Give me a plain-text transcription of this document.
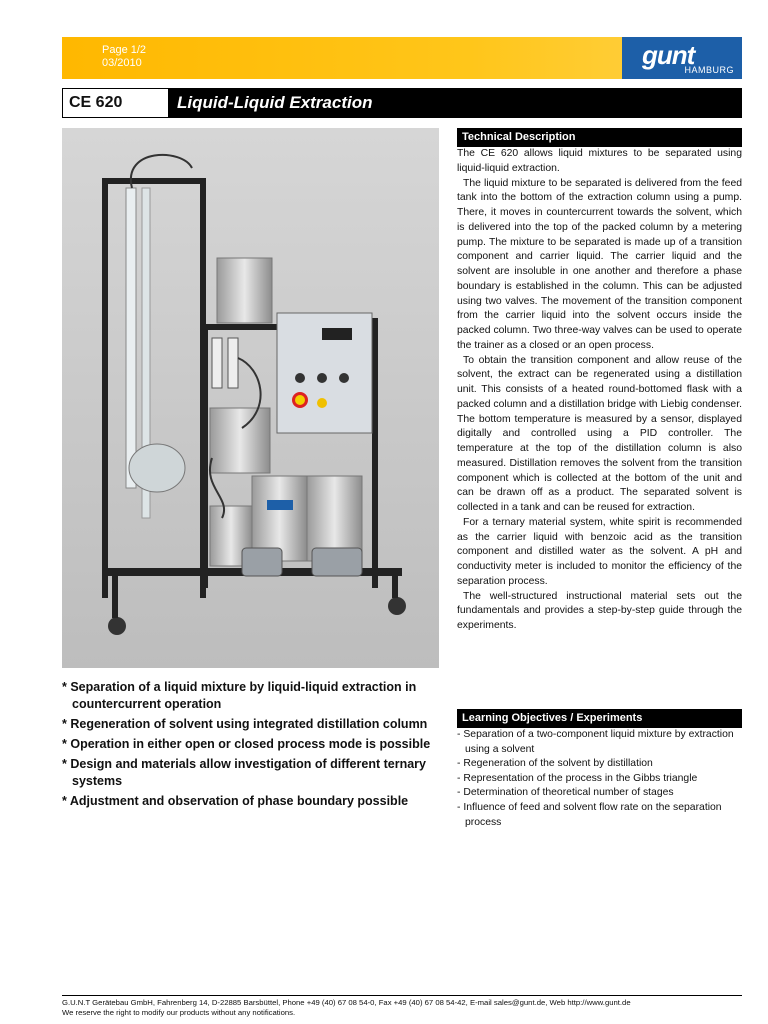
Page 1/2
03/2010	gunt
HAMBURG
CE 620	Liquid-Liquid Extraction
* Separation of a liquid mixture by liquid-liquid extraction in countercurrent operation
* Regeneration of solvent using integrated distillation column
* Operation in either open or closed process mode is possible
* Design and materials allow investigation of different ternary systems
* Adjustment and observation of phase boundary possible
Technical Description

The CE 620 allows liquid mixtures to be separated using liquid-liquid extraction.

The liquid mixture to be separated is delivered from the feed tank into the bottom of the extraction column using a pump. There, it moves in countercurrent towards the solvent, which is delivered into the top of the packed column by a metering pump. The mixture to be separated is made up of a transition component and carrier liquid. The carrier liquid and the solvent are insoluble in one another and therefore a phase boundary is established in the column. This can be adjusted using two valves. The movement of the transition component from the carrier liquid into the solvent occurs inside the packed column. Two three-way valves can be used to operate the trainer as a closed or an open process.

To obtain the transition component and allow reuse of the solvent, the extract can be regenerated using a distillation unit. This consists of a heated round-bottomed flask with a packed column and a distillation bridge with Liebig condenser. The bottom temperature is measured by a sensor, displayed digitally and controlled using a PID controller. The temperature at the top of the distillation column is also measured. Distillation removes the solvent from the transition component which is collected at the bottom of the unit and can be drawn off as a product. The separated solvent is collected in a tank and can be reused for extraction.

For a ternary material system, white spirit is recommended as the carrier liquid with benzoic acid as the transition component and distilled water as the solvent. A pH and conductivity meter is included to monitor the efficiency of the separation process.

The well-structured instructional material sets out the fundamentals and provides a step-by-step guide through the experiments.

Learning Objectives / Experiments
- Separation of a two-component liquid mixture by extraction using a solvent
- Regeneration of the solvent by distillation
- Representation of the process in the Gibbs triangle
- Determination of theoretical number of stages
- Influence of feed and solvent flow rate on the separation process
G.U.N.T Gerätebau GmbH, Fahrenberg 14, D-22885 Barsbüttel, Phone +49 (40) 67 08 54-0, Fax +49 (40) 67 08 54-42, E-mail sales@gunt.de, Web http://www.gunt.de
We reserve the right to modify our products without any notifications.
